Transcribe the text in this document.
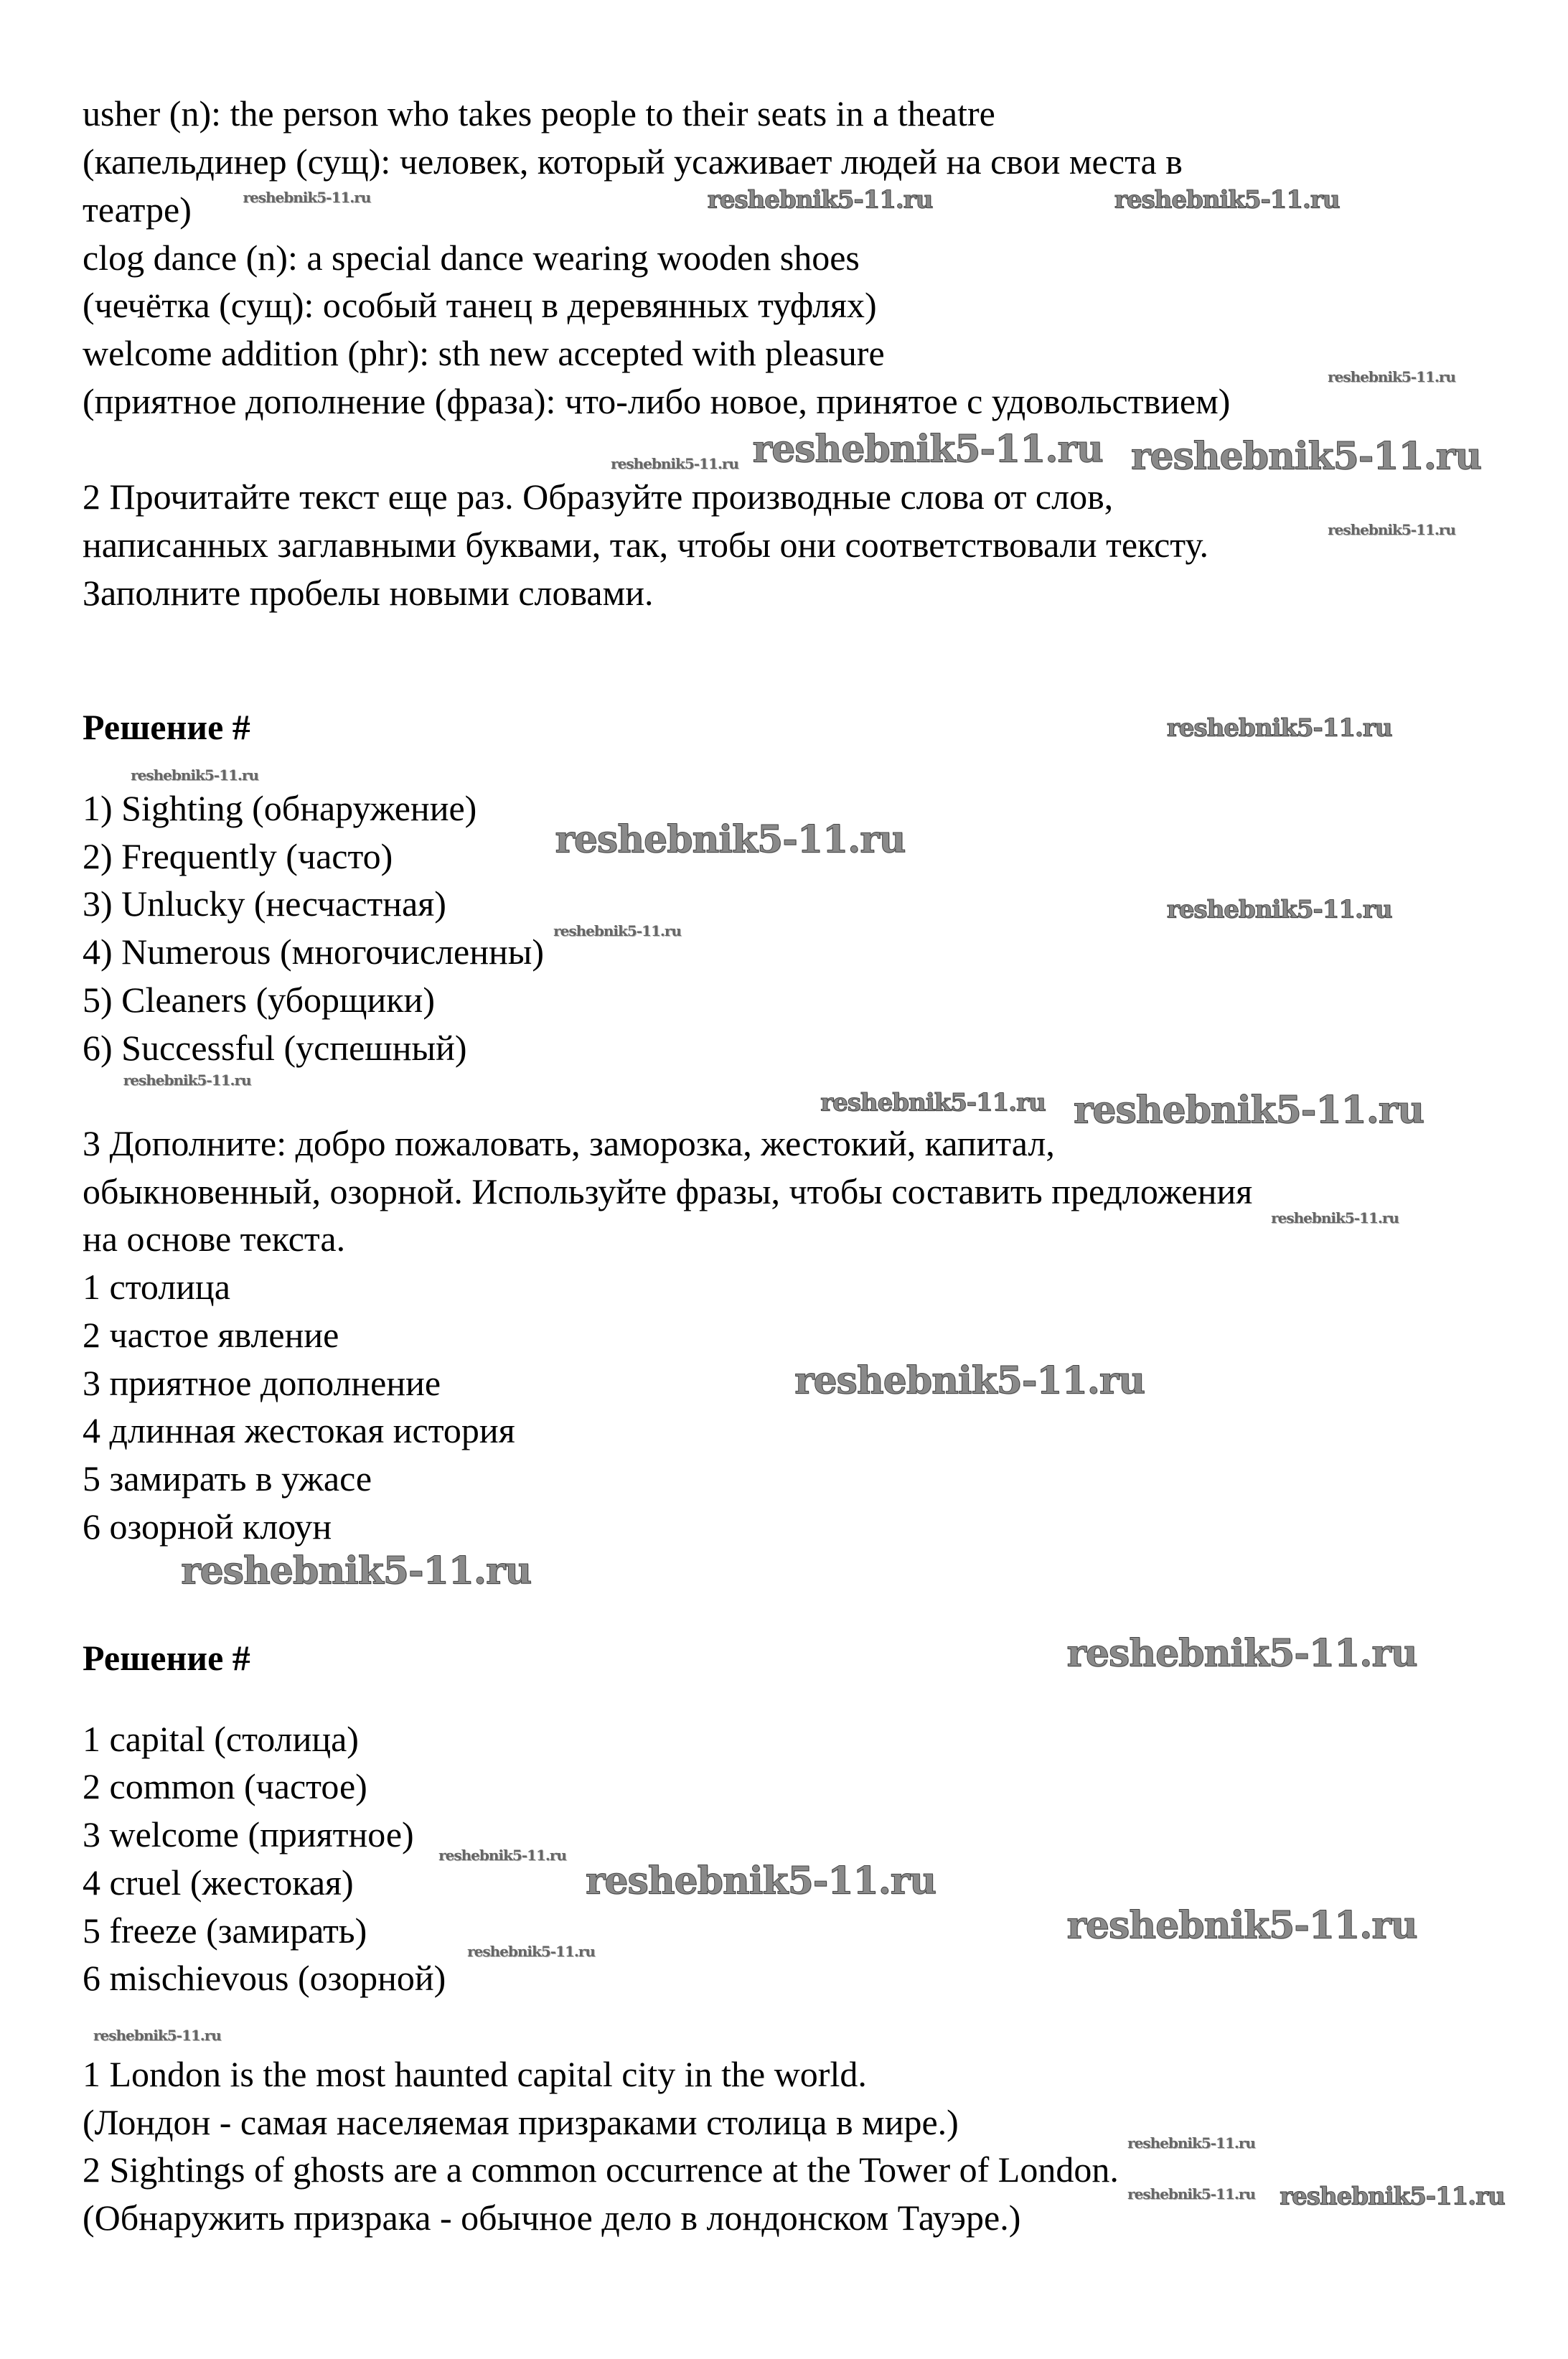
usher (n): the person who takes people to their seats in a theatre
(капельдинер (сущ): человек, который усаживает людей на свои места в
театре)
clog dance (n): a special dance wearing wooden shoes
(чечётка (сущ): особый танец в деревянных туфлях)
welcome addition (phr): sth new accepted with pleasure
(приятное дополнение (фраза): что-либо новое, принятое с удовольствием)
2 Прочитайте текст еще раз. Образуйте производные слова от слов,
написанных заглавными буквами, так, чтобы они соответствовали тексту.
Заполните пробелы новыми словами.
Решение #
1) Sighting (обнаружение)
2) Frequently (часто)
3) Unlucky (несчастная)
4) Numerous (многочисленны)
5) Cleaners (уборщики)
6) Successful (успешный)
3 Дополните: добро пожаловать, заморозка, жестокий, капитал,
обыкновенный, озорной. Используйте фразы, чтобы составить предложения
на основе текста.
1 столица
2 частое явление
3 приятное дополнение
4 длинная жестокая история
5 замирать в ужасе
6 озорной клоун
Решение #
1 capital (столица)
2 common (частое)
3 welcome (приятное)
4 cruel (жестокая)
5 freeze (замирать)
6 mischievous (озорной)
1 London is the most haunted capital city in the world.
(Лондон - самая населяемая призраками столица в мире.)
2 Sightings of ghosts are a common occurrence at the Tower of London.
(Обнаружить призрака - обычное дело в лондонском Тауэре.)
reshebnik5-11.ru	reshebnik5-11.ru	reshebnik5-11.ru
reshebnik5-11.ru
reshebnik5-11.ru
reshebnik5-11.ru
reshebnik5-11.ru
reshebnik5-11.ru
reshebnik5-11.ru
reshebnik5-11.ru
reshebnik5-11.ru
reshebnik5-11.ru
reshebnik5-11.ru
reshebnik5-11.ru
reshebnik5-11.ru
reshebnik5-11.ru
reshebnik5-11.ru
reshebnik5-11.ru
reshebnik5-11.ru
reshebnik5-11.ru
reshebnik5-11.ru
reshebnik5-11.ru
reshebnik5-11.ru
reshebnik5-11.ru
reshebnik5-11.ru
reshebnik5-11.ru
reshebnik5-11.ru reshebnik5-11.ru
